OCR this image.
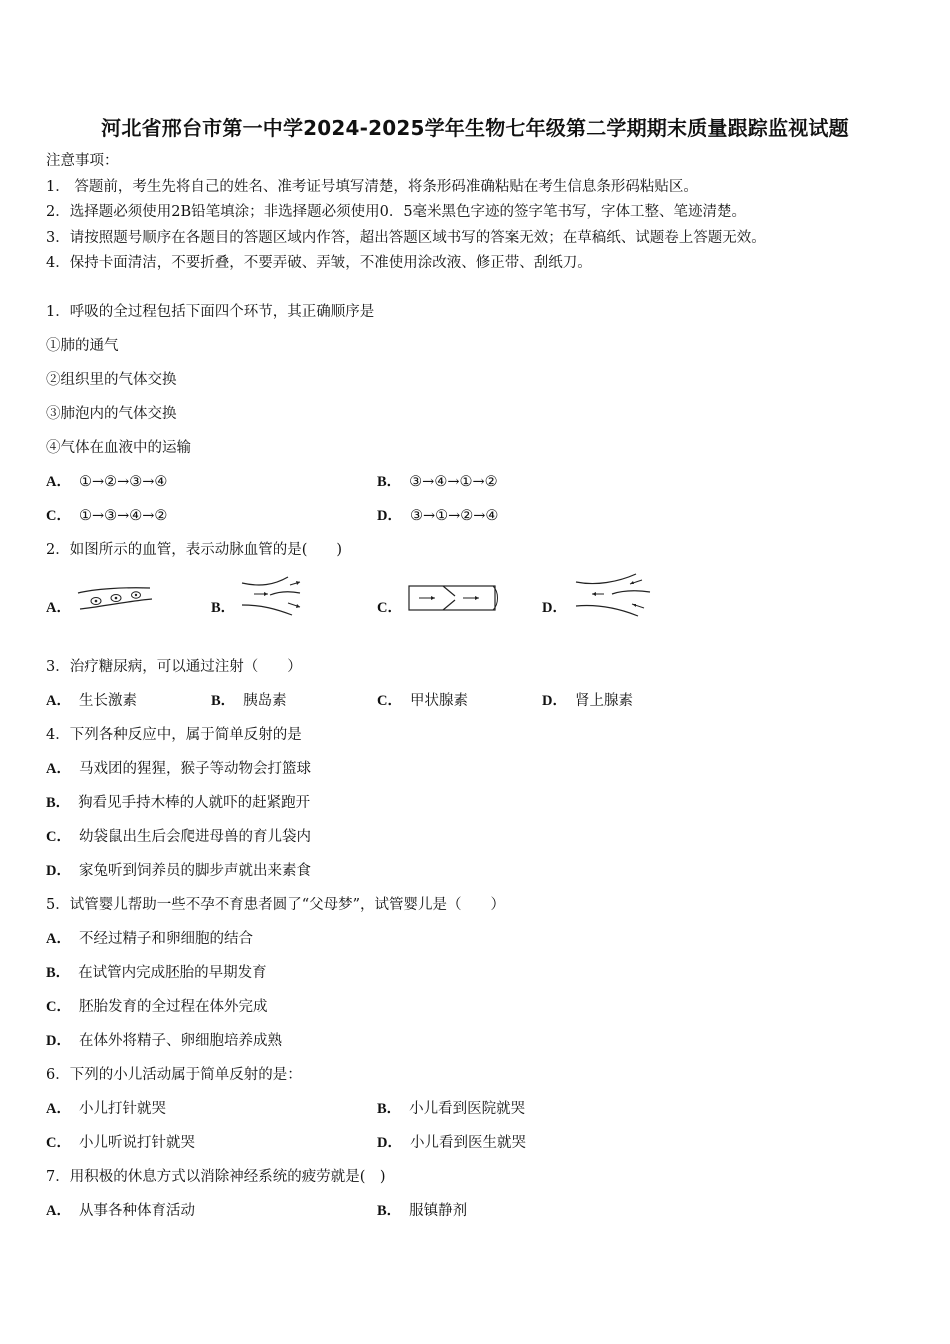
河北省邢台市第一中学2024-2025学年生物七年级第二学期期末质量跟踪监视试题
注意事项：
1． 答题前，考生先将自己的姓名、准考证号填写清楚，将条形码准确粘贴在考生信息条形码粘贴区。
2．选择题必须使用2B铅笔填涂；非选择题必须使用0．5毫米黑色字迹的签字笔书写，字体工整、笔迹清楚。
3．请按照题号顺序在各题目的答题区域内作答，超出答题区域书写的答案无效；在草稿纸、试题卷上答题无效。
4．保持卡面清洁，不要折叠，不要弄破、弄皱，不准使用涂改液、修正带、刮纸刀。
1．呼吸的全过程包括下面四个环节，其正确顺序是
①肺的通气
②组织里的气体交换
③肺泡内的气体交换
④气体在血液中的运输
A． ①→②→③→④	B． ③→④→①→②
C． ①→③→④→②	D． ③→①→②→④
2．如图所示的血管，表示动脉血管的是(　　)
A．	B．	C．	D．
3．治疗糖尿病，可以通过注射（　　）
A． 生长激素	B． 胰岛素	C． 甲状腺素	D． 肾上腺素
4．下列各种反应中，属于简单反射的是
A． 马戏团的猩猩，猴子等动物会打篮球
B． 狗看见手持木棒的人就吓的赶紧跑开
C． 幼袋鼠出生后会爬进母兽的育儿袋内
D． 家兔听到饲养员的脚步声就出来素食
5．试管婴儿帮助一些不孕不育患者圆了“父母梦”，试管婴儿是（　　）
A． 不经过精子和卵细胞的结合
B． 在试管内完成胚胎的早期发育
C． 胚胎发育的全过程在体外完成
D． 在体外将精子、卵细胞培养成熟
6．下列的小儿活动属于简单反射的是：
A． 小儿打针就哭	B． 小儿看到医院就哭
C． 小儿听说打针就哭	D． 小儿看到医生就哭
7．用积极的休息方式以消除神经系统的疲劳就是(　)
A． 从事各种体育活动	B． 服镇静剂
